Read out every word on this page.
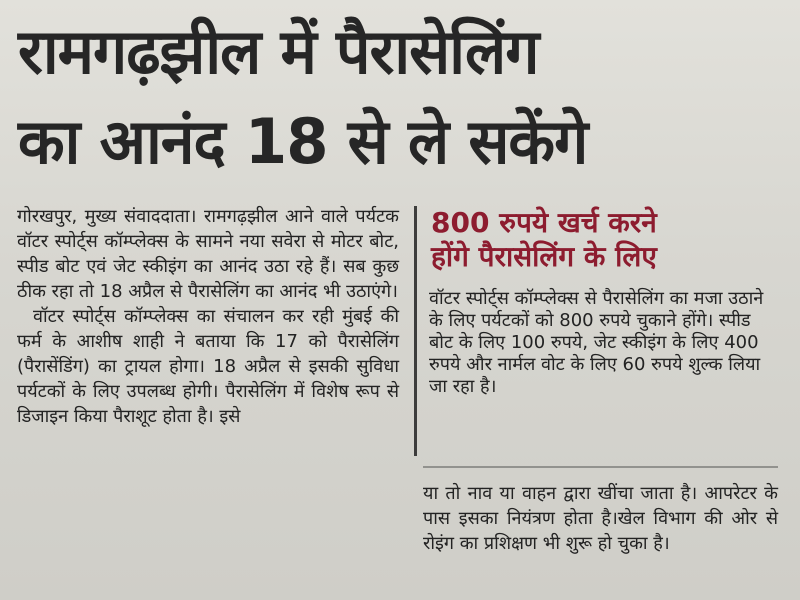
रामगढ़झील में पैरासेलिंग
का आनंद 18 से ले सकेंगे

गोरखपुर, मुख्य संवाददाता। रामगढ़झील आने वाले पर्यटक वॉटर स्पोर्ट्स कॉम्प्लेक्स के सामने नया सवेरा से मोटर बोट, स्पीड बोट एवं जेट स्कीइंग का आनंद उठा रहे हैं। सब कुछ ठीक रहा तो 18 अप्रैल से पैरासेलिंग का आनंद भी उठाएंगे।

वॉटर स्पोर्ट्स कॉम्प्लेक्स का संचालन कर रही मुंबई की फर्म के आशीष शाही ने बताया कि 17 को पैरासेलिंग (पैरासेंडिंग) का ट्रायल होगा। 18 अप्रैल से इसकी सुविधा पर्यटकों के लिए उपलब्ध होगी। पैरासेलिंग में विशेष रूप से डिजाइन किया पैराशूट होता है। इसे

800 रुपये खर्च करने
होंगे पैरासेलिंग के लिए

वॉटर स्पोर्ट्स कॉम्प्लेक्स से पैरासेलिंग का मजा उठाने के लिए पर्यटकों को 800 रुपये चुकाने होंगे। स्पीड बोट के लिए 100 रुपये, जेट स्कीइंग के लिए 400 रुपये और नार्मल वोट के लिए 60 रुपये शुल्क लिया जा रहा है।

या तो नाव या वाहन द्वारा खींचा जाता है। आपरेटर के पास इसका नियंत्रण होता है।खेल विभाग की ओर से रोइंग का प्रशिक्षण भी शुरू हो चुका है।
